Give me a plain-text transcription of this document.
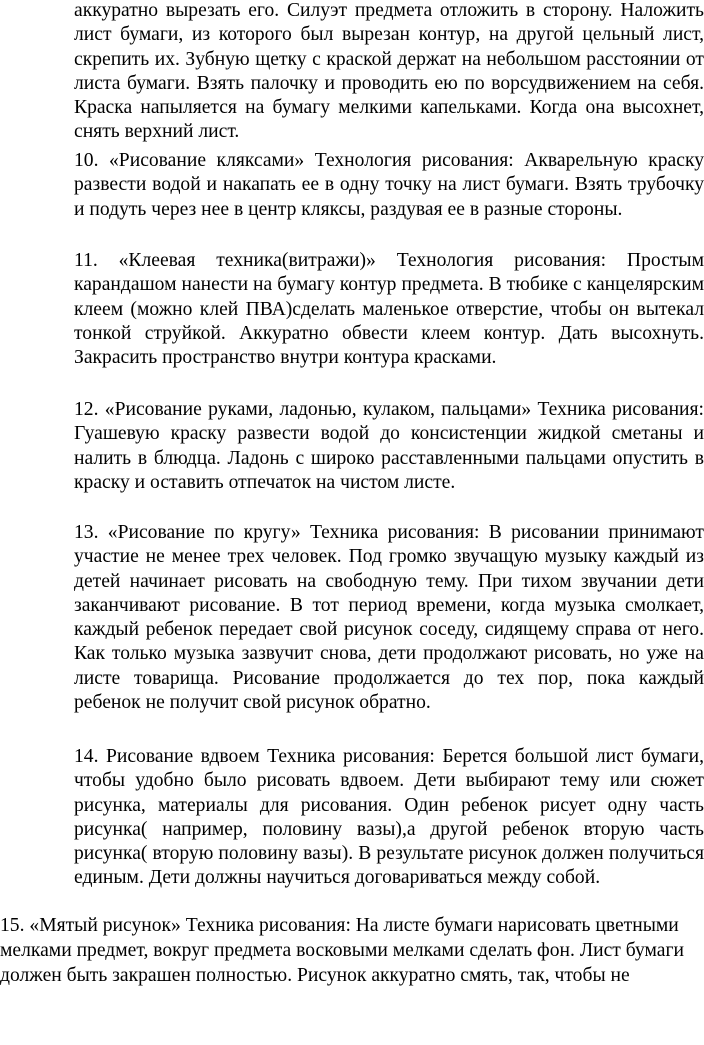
аккуратно вырезать его. Силуэт предмета отложить в сторону. Наложить лист бумаги, из которого был вырезан контур, на другой цельный лист, скрепить их. Зубную щетку с краской держат на небольшом расстоянии от листа бумаги. Взять палочку и проводить ею по ворсудвижением на себя. Краска напыляется на бумагу мелкими капельками. Когда она высохнет, снять верхний лист.

10. «Рисование кляксами» Технология рисования: Акварельную краску развести водой и накапать ее в одну точку на лист бумаги. Взять трубочку и подуть через нее в центр кляксы, раздувая ее в разные стороны.

11. «Клеевая техника(витражи)» Технология рисования: Простым карандашом нанести на бумагу контур предмета. В тюбике с канцелярским клеем (можно клей ПВА)сделать маленькое отверстие, чтобы он вытекал тонкой струйкой. Аккуратно обвести клеем контур. Дать высохнуть. Закрасить пространство внутри контура красками.

12. «Рисование руками, ладонью, кулаком, пальцами» Техника рисования: Гуашевую краску развести водой до консистенции жидкой сметаны и налить в блюдца. Ладонь с широко расставленными пальцами опустить в краску и оставить отпечаток на чистом листе.

13. «Рисование по кругу» Техника рисования: В рисовании принимают участие не менее трех человек. Под громко звучащую музыку каждый из детей начинает рисовать на свободную тему. При тихом звучании дети заканчивают рисование. В тот период времени, когда музыка смолкает, каждый ребенок передает свой рисунок соседу, сидящему справа от него. Как только музыка зазвучит снова, дети продолжают рисовать, но уже на листе товарища. Рисование продолжается до тех пор, пока каждый ребенок не получит свой рисунок обратно.

14. Рисование вдвоем Техника рисования: Берется большой лист бумаги, чтобы удобно было рисовать вдвоем. Дети выбирают тему или сюжет рисунка, материалы для рисования. Один ребенок рисует одну часть рисунка( например, половину вазы),а другой ребенок вторую часть рисунка( вторую половину вазы). В результате рисунок должен получиться единым. Дети должны научиться договариваться между собой.

15. «Мятый рисунок» Техника рисования: На листе бумаги нарисовать цветными мелками предмет, вокруг предмета восковыми мелками сделать фон. Лист бумаги должен быть закрашен полностью. Рисунок аккуратно смять, так, чтобы не
